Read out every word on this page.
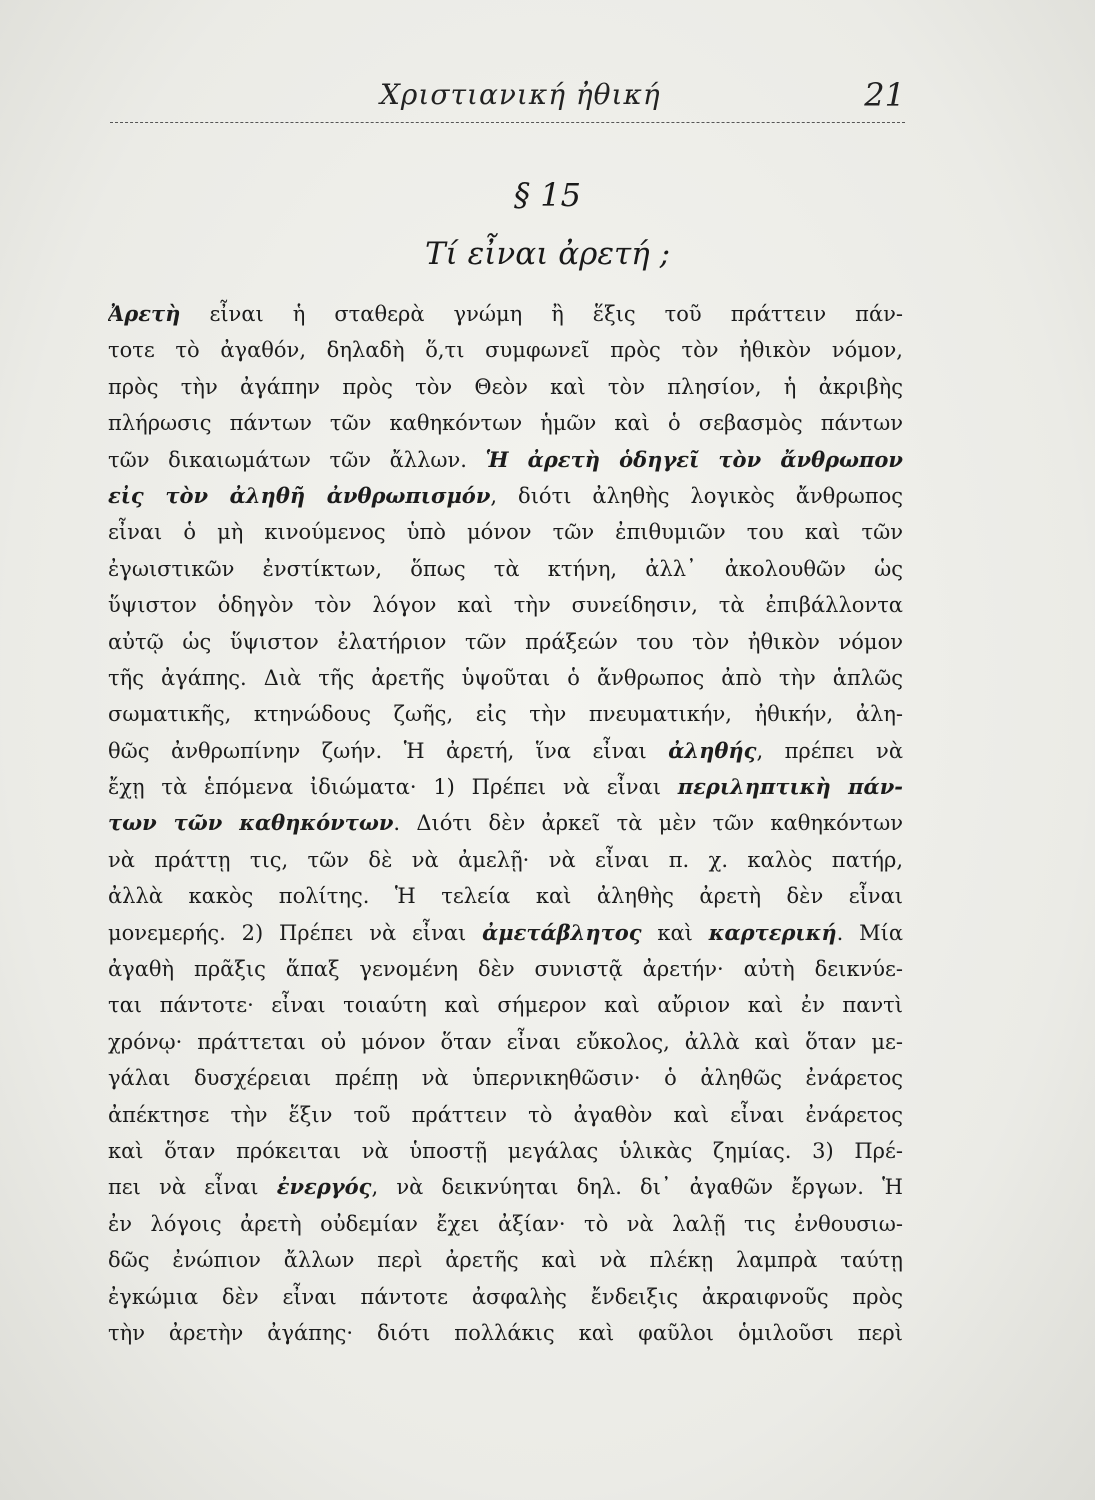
Χριστιανική ἠθική	21
§ 15
Τί εἶναι ἀρετή ;
Ἀρετὴ εἶναι ἡ σταθερὰ γνώμη ἢ ἕξις τοῦ πράττειν πάν-
τοτε τὸ ἀγαθόν, δηλαδὴ ὅ,τι συμφωνεῖ πρὸς τὸν ἠθικὸν νόμον,
πρὸς τὴν ἀγάπην πρὸς τὸν Θεὸν καὶ τὸν πλησίον, ἡ ἀκριβὴς
πλήρωσις πάντων τῶν καθηκόντων ἡμῶν καὶ ὁ σεβασμὸς πάντων
τῶν δικαιωμάτων τῶν ἄλλων. Ἡ ἀρετὴ ὁδηγεῖ τὸν ἄνθρωπον
εἰς τὸν ἀληθῆ ἀνθρωπισμόν, διότι ἀληθὴς λογικὸς ἄνθρωπος
εἶναι ὁ μὴ κινούμενος ὑπὸ μόνον τῶν ἐπιθυμιῶν του καὶ τῶν
ἐγωιστικῶν ἐνστίκτων, ὅπως τὰ κτήνη, ἀλλ᾿ ἀκολουθῶν ὡς
ὕψιστον ὁδηγὸν τὸν λόγον καὶ τὴν συνείδησιν, τὰ ἐπιβάλλοντα
αὐτῷ ὡς ὕψιστον ἐλατήριον τῶν πράξεών του τὸν ἠθικὸν νόμον
τῆς ἀγάπης. Διὰ τῆς ἀρετῆς ὑψοῦται ὁ ἄνθρωπος ἀπὸ τὴν ἁπλῶς
σωματικῆς, κτηνώδους ζωῆς, εἰς τὴν πνευματικήν, ἠθικήν, ἀλη-
θῶς ἀνθρωπίνην ζωήν. Ἡ ἀρετή, ἵνα εἶναι ἀληθής, πρέπει νὰ
ἔχῃ τὰ ἑπόμενα ἰδιώματα· 1) Πρέπει νὰ εἶναι περιληπτικὴ πάν-
των τῶν καθηκόντων. Διότι δὲν ἀρκεῖ τὰ μὲν τῶν καθηκόντων
νὰ πράττῃ τις, τῶν δὲ νὰ ἀμελῇ· νὰ εἶναι π. χ. καλὸς πατήρ,
ἀλλὰ κακὸς πολίτης. Ἡ τελεία καὶ ἀληθὴς ἀρετὴ δὲν εἶναι
μονεμερής. 2) Πρέπει νὰ εἶναι ἀμετάβλητος καὶ καρτερική. Μία
ἀγαθὴ πρᾶξις ἅπαξ γενομένη δὲν συνιστᾷ ἀρετήν· αὐτὴ δεικνύε-
ται πάντοτε· εἶναι τοιαύτη καὶ σήμερον καὶ αὔριον καὶ ἐν παντὶ
χρόνῳ· πράττεται οὐ μόνον ὅταν εἶναι εὔκολος, ἀλλὰ καὶ ὅταν με-
γάλαι δυσχέρειαι πρέπῃ νὰ ὑπερνικηθῶσιν· ὁ ἀληθῶς ἐνάρετος
ἀπέκτησε τὴν ἕξιν τοῦ πράττειν τὸ ἀγαθὸν καὶ εἶναι ἐνάρετος
καὶ ὅταν πρόκειται νὰ ὑποστῇ μεγάλας ὑλικὰς ζημίας. 3) Πρέ-
πει νὰ εἶναι ἐνεργός, νὰ δεικνύηται δηλ. δι᾿ ἀγαθῶν ἔργων. Ἡ
ἐν λόγοις ἀρετὴ οὐδεμίαν ἔχει ἀξίαν· τὸ νὰ λαλῇ τις ἐνθουσιω-
δῶς ἐνώπιον ἄλλων περὶ ἀρετῆς καὶ νὰ πλέκῃ λαμπρὰ ταύτῃ
ἐγκώμια δὲν εἶναι πάντοτε ἀσφαλὴς ἔνδειξις ἀκραιφνοῦς πρὸς
τὴν ἀρετὴν ἀγάπης· διότι πολλάκις καὶ φαῦλοι ὁμιλοῦσι περὶ
